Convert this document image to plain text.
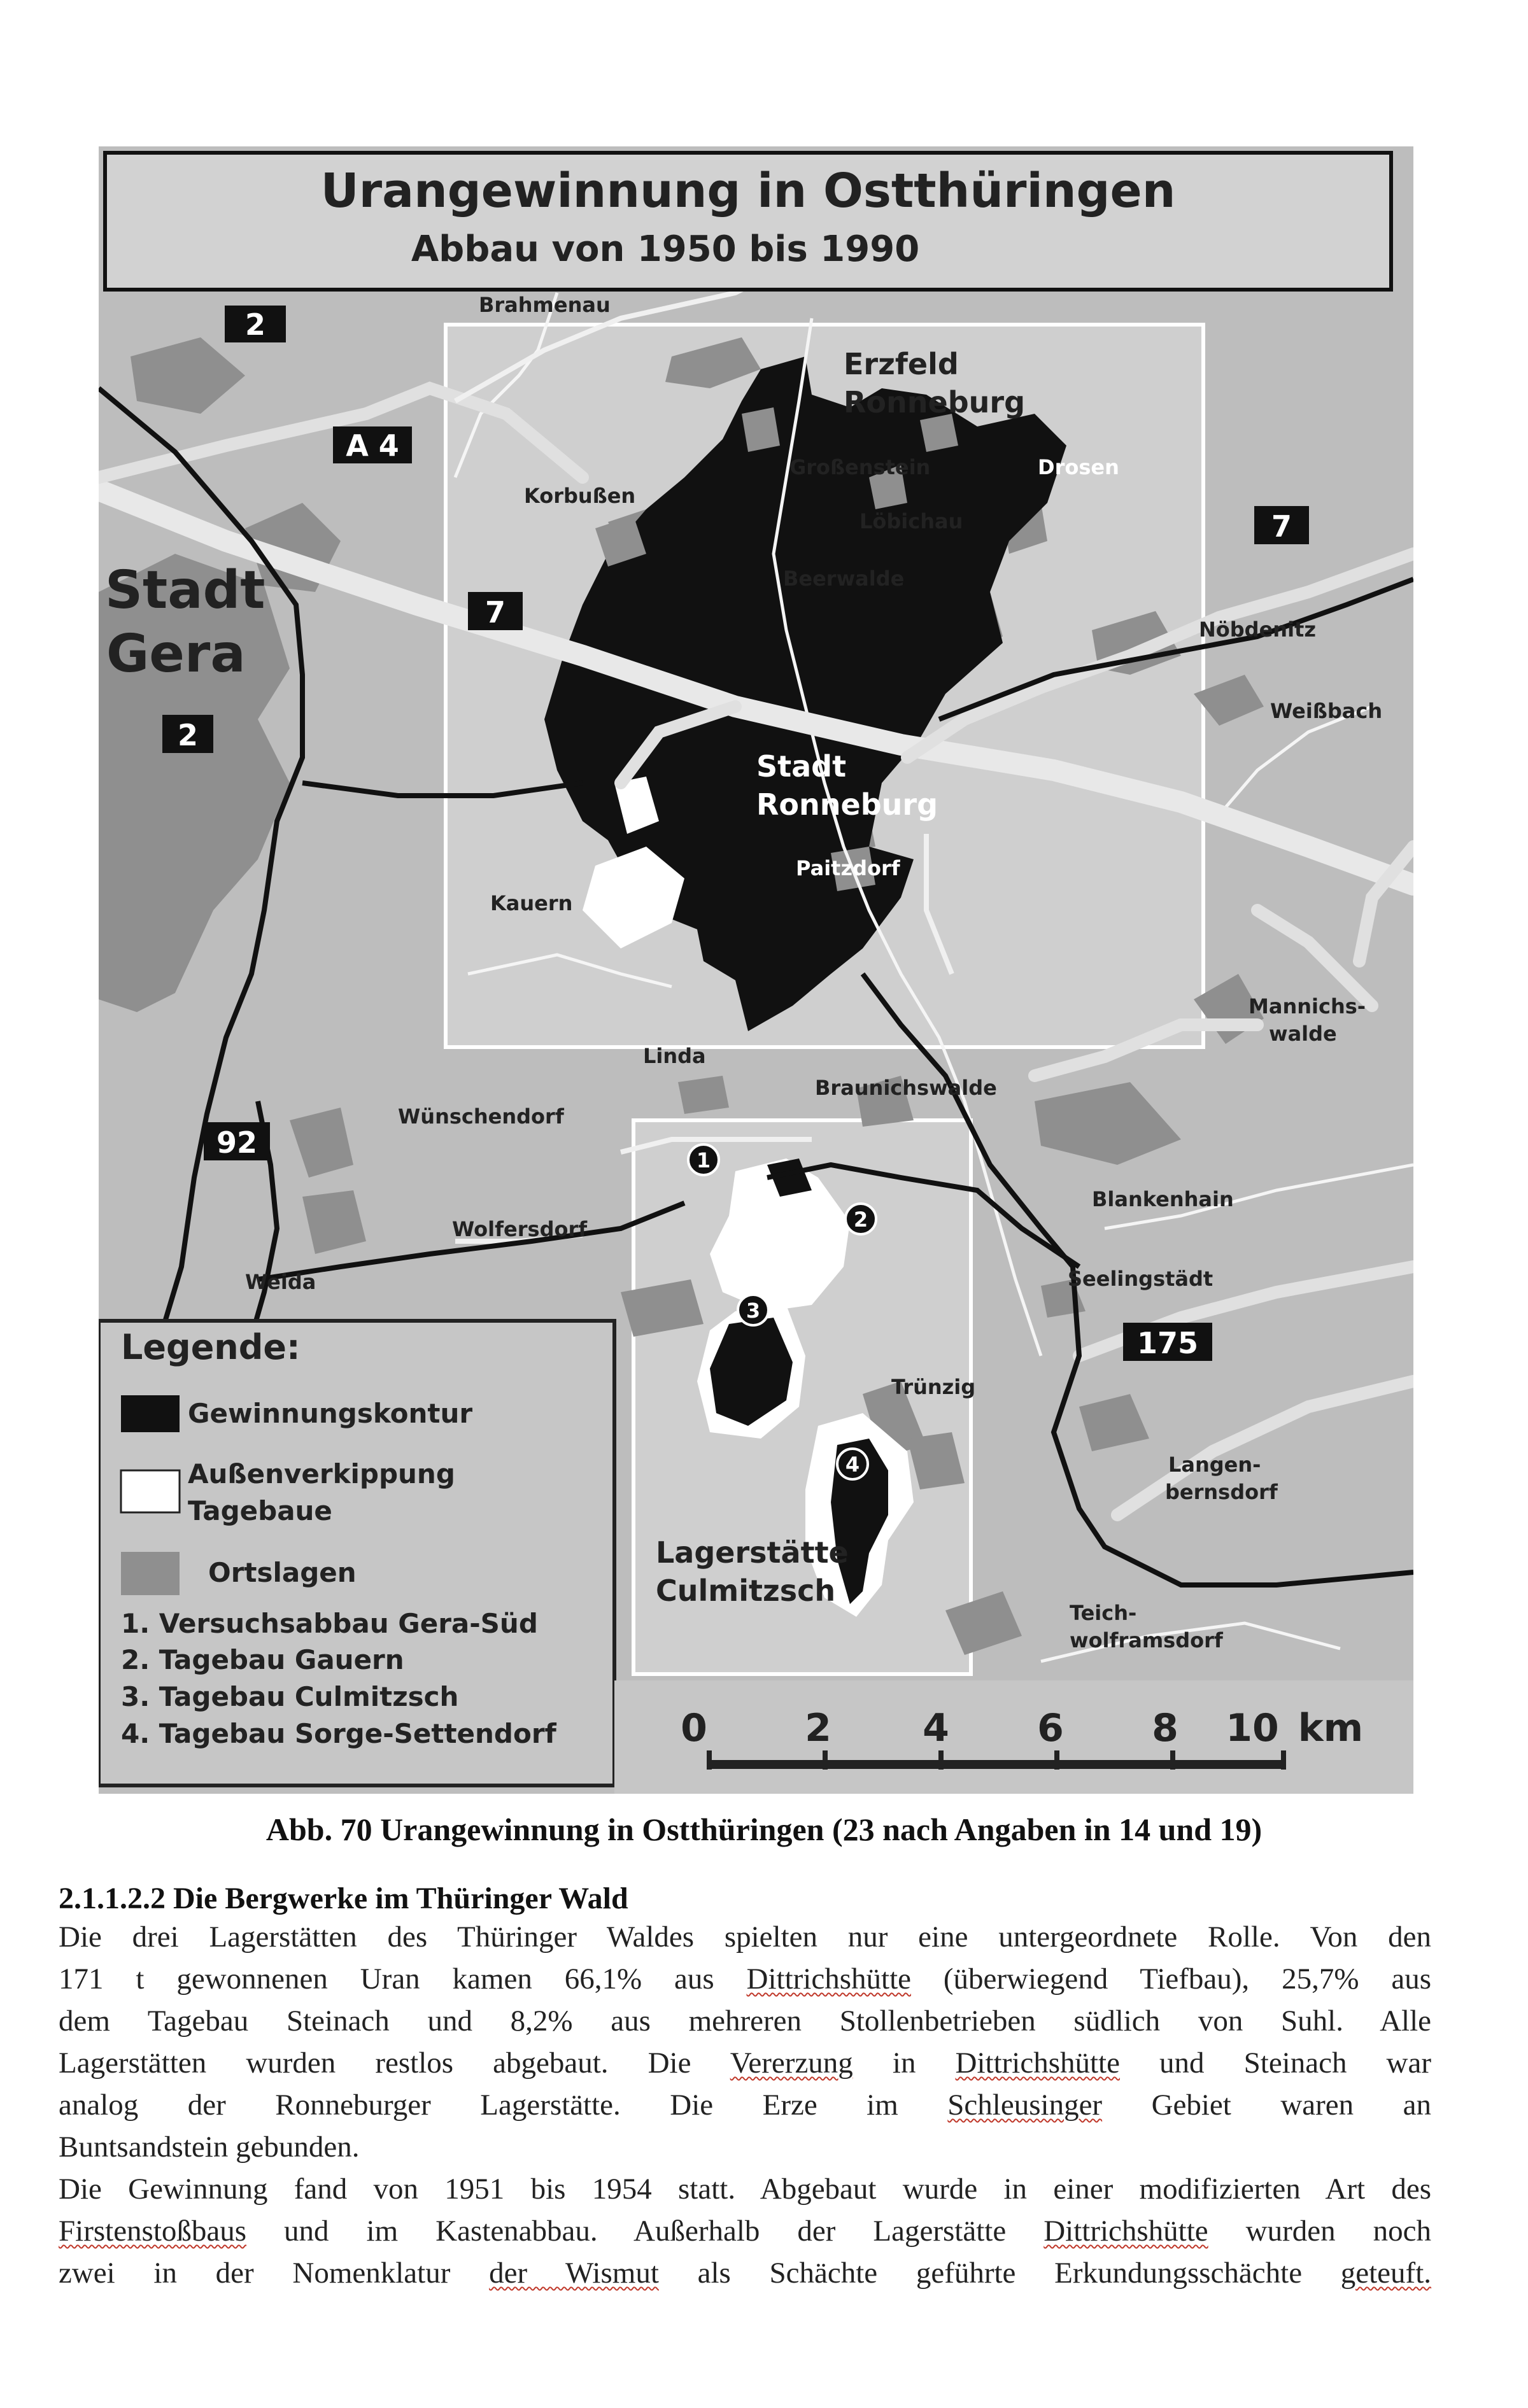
Urangewinnung in Ostthüringen
Abbau von 1950 bis 1990
2
A 4
7
7
2
92
175
Brahmenau
Erzfeld
Ronneburg
Korbußen
Großenstein	Drosen
Löbichau
Beerwalde
Nöbdenitz
Weißbach
Stadt
Gera
Stadt
Ronneburg
Paitzdorf
Kauern
Mannichs-
walde
Linda
Braunichswalde
Wünschendorf
Blankenhain
Wolfersdorf
Seelingstädt
Weida
Trünzig
Langen-
bernsdorf
Lagerstätte
Culmitzsch
Teich-
wolframsdorf
1
2
3
4
Legende:
Gewinnungskontur
Außenverkippung
Tagebaue
Ortslagen
1. Versuchsabbau Gera-Süd
2. Tagebau Gauern
3. Tagebau Culmitzsch
4. Tagebau Sorge-Settendorf	0	2 4 6 8 10 km
Abb. 70 Urangewinnung in Ostthüringen (23 nach Angaben in 14 und 19)
2.1.1.2.2 Die Bergwerke im Thüringer Wald
Die drei Lagerstätten des Thüringer Waldes spielten nur eine untergeordnete Rolle. Von den
171 t gewonnenen Uran kamen 66,1% aus Dittrichshütte (überwiegend Tiefbau), 25,7% aus
dem Tagebau Steinach und 8,2% aus mehreren Stollenbetrieben südlich von Suhl. Alle
Lagerstätten wurden restlos abgebaut. Die Vererzung in Dittrichshütte und Steinach war
analog der Ronneburger Lagerstätte. Die Erze im Schleusinger Gebiet waren an
Buntsandstein gebunden.
Die Gewinnung fand von 1951 bis 1954 statt. Abgebaut wurde in einer modifizierten Art des
Firstenstoßbaus und im Kastenabbau. Außerhalb der Lagerstätte Dittrichshütte wurden noch
zwei in der Nomenklatur der Wismut als Schächte geführte Erkundungsschächte geteuft.
